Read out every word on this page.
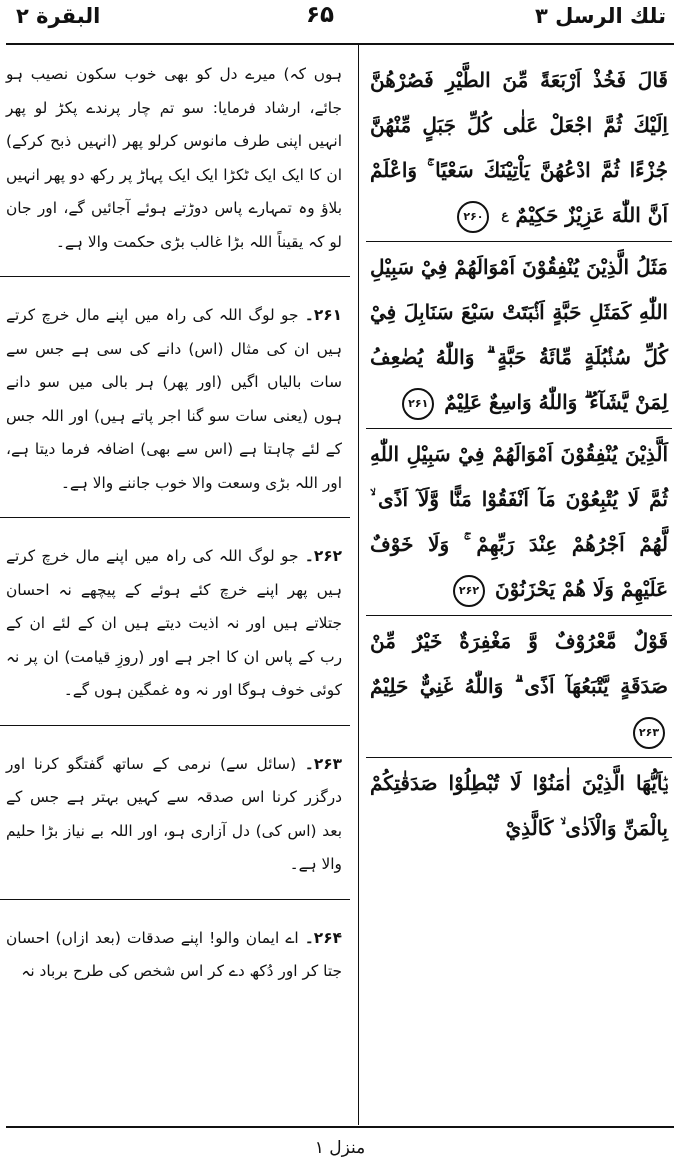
البقرة ۲	۶۵	تلك الرسل ۳
ہوں کہ) میرے دل کو بھی خوب سکون نصیب ہو جائے، ارشاد فرمایا: سو تم چار پرندے پکڑ لو پھر انہیں اپنی طرف مانوس کرلو پھر (انہیں ذبح کرکے) ان کا ایک ایک ٹکڑا ایک ایک پہاڑ پر رکھ دو پھر انہیں بلاؤ وہ تمہارے پاس دوڑتے ہوئے آجائیں گے، اور جان لو کہ یقیناً اللہ بڑا غالب بڑی حکمت والا ہے۔
۲۶۱۔ جو لوگ اللہ کی راہ میں اپنے مال خرچ کرتے ہیں ان کی مثال (اس) دانے کی سی ہے جس سے سات بالیاں اگیں (اور پھر) ہر بالی میں سو دانے ہوں (یعنی سات سو گنا اجر پاتے ہیں) اور اللہ جس کے لئے چاہتا ہے (اس سے بھی) اضافہ فرما دیتا ہے، اور اللہ بڑی وسعت والا خوب جاننے والا ہے۔
۲۶۲۔ جو لوگ اللہ کی راہ میں اپنے مال خرچ کرتے ہیں پھر اپنے خرچ کئے ہوئے کے پیچھے نہ احسان جتلاتے ہیں اور نہ اذیت دیتے ہیں ان کے لئے ان کے رب کے پاس ان کا اجر ہے اور (روزِ قیامت) ان پر نہ کوئی خوف ہوگا اور نہ وہ غمگین ہوں گے۔
۲۶۳۔ (سائل سے) نرمی کے ساتھ گفتگو کرنا اور درگزر کرنا اس صدقہ سے کہیں بہتر ہے جس کے بعد (اس کی) دل آزاری ہو، اور اللہ بے نیاز بڑا حلیم والا ہے۔
۲۶۴۔ اے ایمان والو! اپنے صدقات (بعد ازاں) احسان جتا کر اور دُکھ دے کر اس شخص کی طرح برباد نہ
قَالَ فَخُذْ اَرْبَعَةً مِّنَ الطَّيْرِ فَصُرْهُنَّ اِلَيْكَ ثُمَّ اجْعَلْ عَلٰى كُلِّ جَبَلٍ مِّنْهُنَّ جُزْءًا ثُمَّ ادْعُهُنَّ يَاْتِيْنَكَ سَعْيًا ۚ وَاعْلَمْ اَنَّ اللّٰهَ عَزِيْزٌ حَكِيْمٌ $^ع$ ۲۶۰
مَثَلُ الَّذِيْنَ يُنْفِقُوْنَ اَمْوَالَهُمْ فِيْ سَبِيْلِ اللّٰهِ كَمَثَلِ حَبَّةٍ اَنْۢبَتَتْ سَبْعَ سَنَابِلَ فِيْ كُلِّ سُنْۢبُلَةٍ مِّائَةُ حَبَّةٍ ۗ وَاللّٰهُ يُضٰعِفُ لِمَنْ يَّشَآءُ ۗ وَاللّٰهُ وَاسِعٌ عَلِيْمٌ ۲۶۱
اَلَّذِيْنَ يُنْفِقُوْنَ اَمْوَالَهُمْ فِيْ سَبِيْلِ اللّٰهِ ثُمَّ لَا يُتْبِعُوْنَ مَآ اَنْفَقُوْا مَنًّا وَّلَآ اَذًى ۙ لَّهُمْ اَجْرُهُمْ عِنْدَ رَبِّهِمْ ۚ وَلَا خَوْفٌ عَلَيْهِمْ وَلَا هُمْ يَحْزَنُوْنَ ۲۶۲
قَوْلٌ مَّعْرُوْفٌ وَّ مَغْفِرَةٌ خَيْرٌ مِّنْ صَدَقَةٍ يَّتْبَعُهَآ اَذًى ۗ وَاللّٰهُ غَنِيٌّ حَلِيْمٌ ۲۶۳
يٰۤاَيُّهَا الَّذِيْنَ اٰمَنُوْا لَا تُبْطِلُوْا صَدَقٰتِكُمْ بِالْمَنِّ وَالْاَذٰى ۙ كَالَّذِيْ
منزل ۱
